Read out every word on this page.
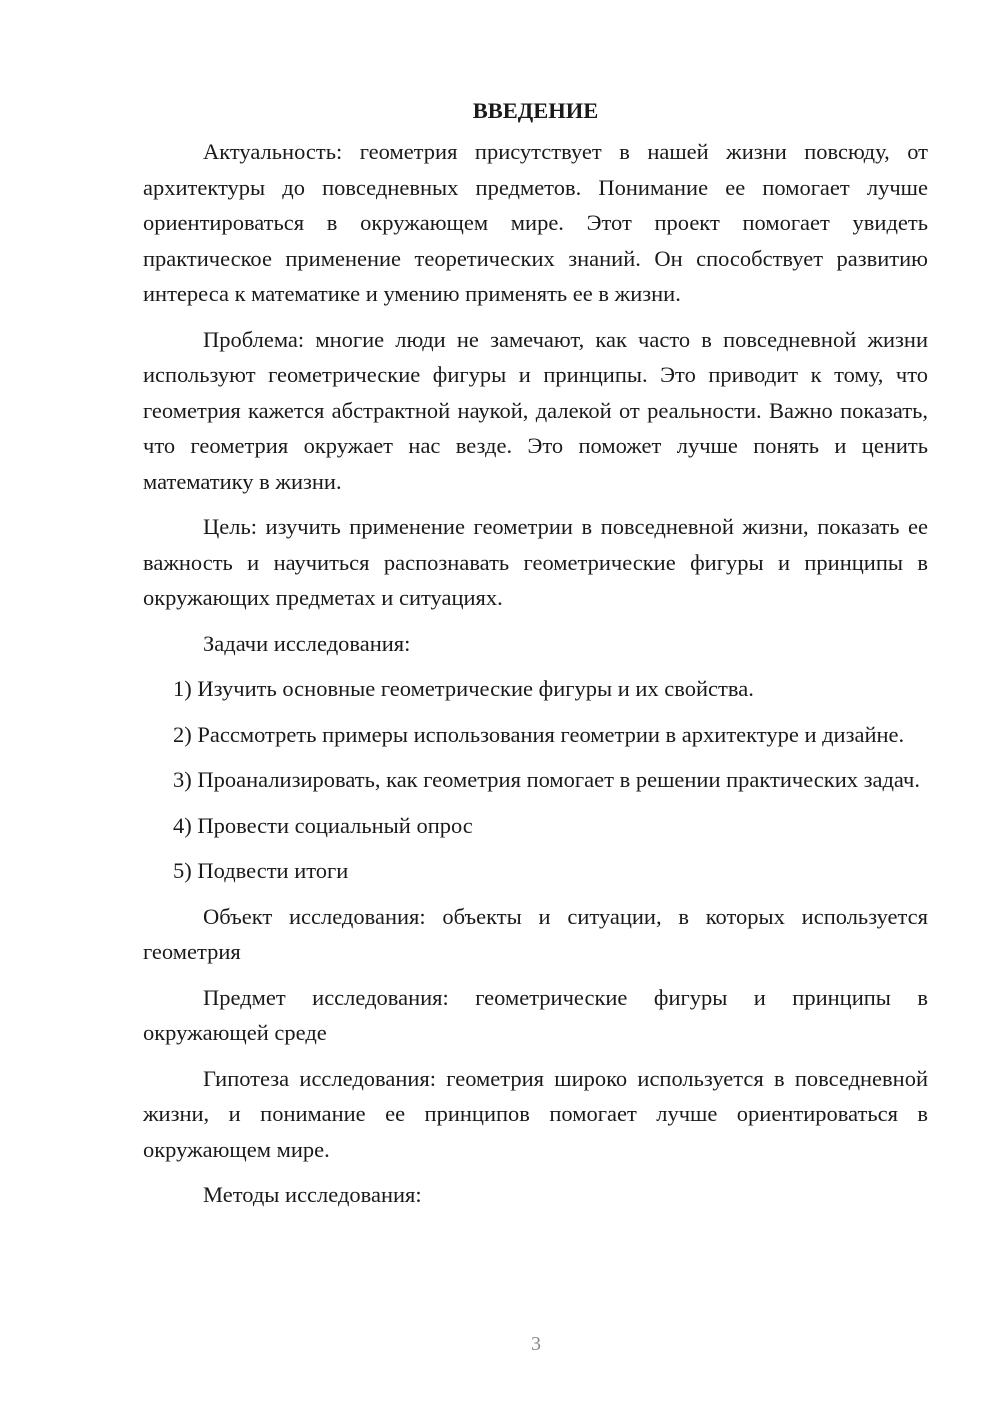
ВВЕДЕНИЕ

Актуальность: геометрия присутствует в нашей жизни повсюду, от архитектуры до повседневных предметов. Понимание ее помогает лучше ориентироваться в окружающем мире. Этот проект помогает увидеть практическое применение теоретических знаний. Он способствует развитию интереса к математике и умению применять ее в жизни.

Проблема: многие люди не замечают, как часто в повседневной жизни используют геометрические фигуры и принципы. Это приводит к тому, что геометрия кажется абстрактной наукой, далекой от реальности. Важно показать, что геометрия окружает нас везде. Это поможет лучше понять и ценить математику в жизни.

Цель: изучить применение геометрии в повседневной жизни, показать ее важность и научиться распознавать геометрические фигуры и принципы в окружающих предметах и ситуациях.

Задачи исследования:

1) Изучить основные геометрические фигуры и их свойства.

2) Рассмотреть примеры использования геометрии в архитектуре и дизайне.

3) Проанализировать, как геометрия помогает в решении практических задач.

4) Провести социальный опрос

5) Подвести итоги

Объект исследования: объекты и ситуации, в которых используется геометрия

Предмет исследования: геометрические фигуры и принципы в окружающей среде

Гипотеза исследования: геометрия широко используется в повседневной жизни, и понимание ее принципов помогает лучше ориентироваться в окружающем мире.

Методы исследования:

3
